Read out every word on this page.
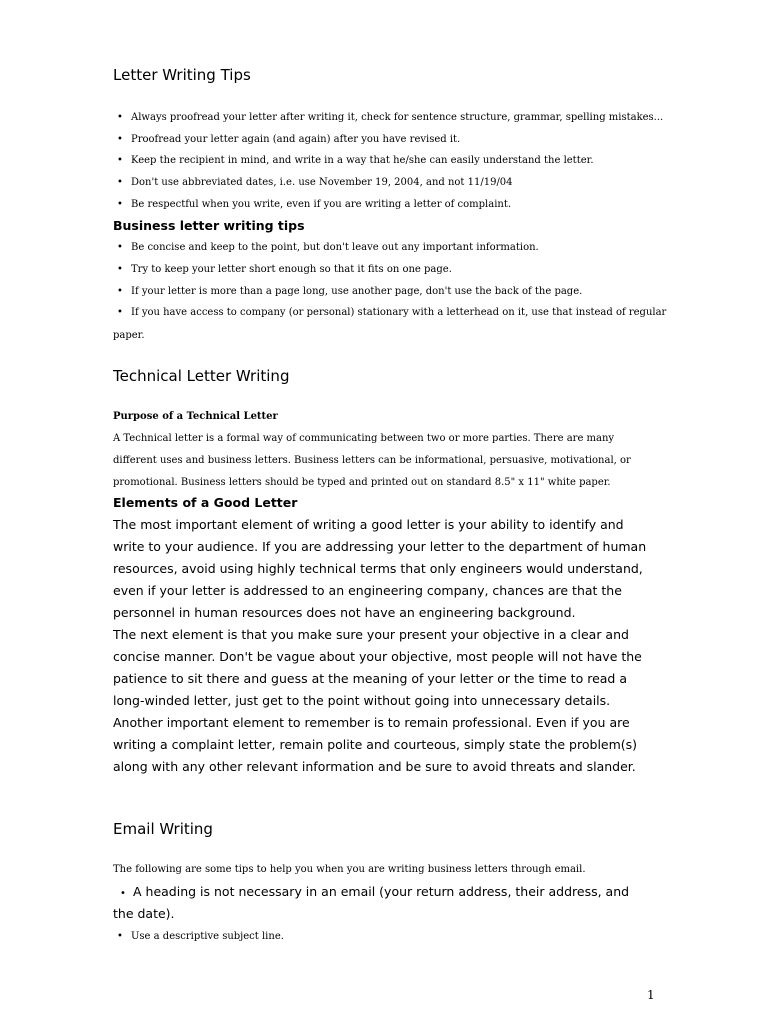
Letter Writing Tips
• Always proofread your letter after writing it, check for sentence structure, grammar, spelling mistakes...
• Proofread your letter again (and again) after you have revised it.
• Keep the recipient in mind, and write in a way that he/she can easily understand the letter.
• Don't use abbreviated dates, i.e. use November 19, 2004, and not 11/19/04
• Be respectful when you write, even if you are writing a letter of complaint.
Business letter writing tips
• Be concise and keep to the point, but don't leave out any important information.
• Try to keep your letter short enough so that it fits on one page.
• If your letter is more than a page long, use another page, don't use the back of the page.
• If you have access to company (or personal) stationary with a letterhead on it, use that instead of regular
paper.
Technical Letter Writing
Purpose of a Technical Letter
A Technical letter is a formal way of communicating between two or more parties. There are many
different uses and business letters. Business letters can be informational, persuasive, motivational, or
promotional. Business letters should be typed and printed out on standard 8.5" x 11" white paper.
Elements of a Good Letter
The most important element of writing a good letter is your ability to identify and
write to your audience. If you are addressing your letter to the department of human
resources, avoid using highly technical terms that only engineers would understand,
even if your letter is addressed to an engineering company, chances are that the
personnel in human resources does not have an engineering background.
The next element is that you make sure your present your objective in a clear and
concise manner. Don't be vague about your objective, most people will not have the
patience to sit there and guess at the meaning of your letter or the time to read a
long-winded letter, just get to the point without going into unnecessary details.
Another important element to remember is to remain professional. Even if you are
writing a complaint letter, remain polite and courteous, simply state the problem(s)
along with any other relevant information and be sure to avoid threats and slander.
Email Writing
The following are some tips to help you when you are writing business letters through email.
• A heading is not necessary in an email (your return address, their address, and
the date).
• Use a descriptive subject line.
1
